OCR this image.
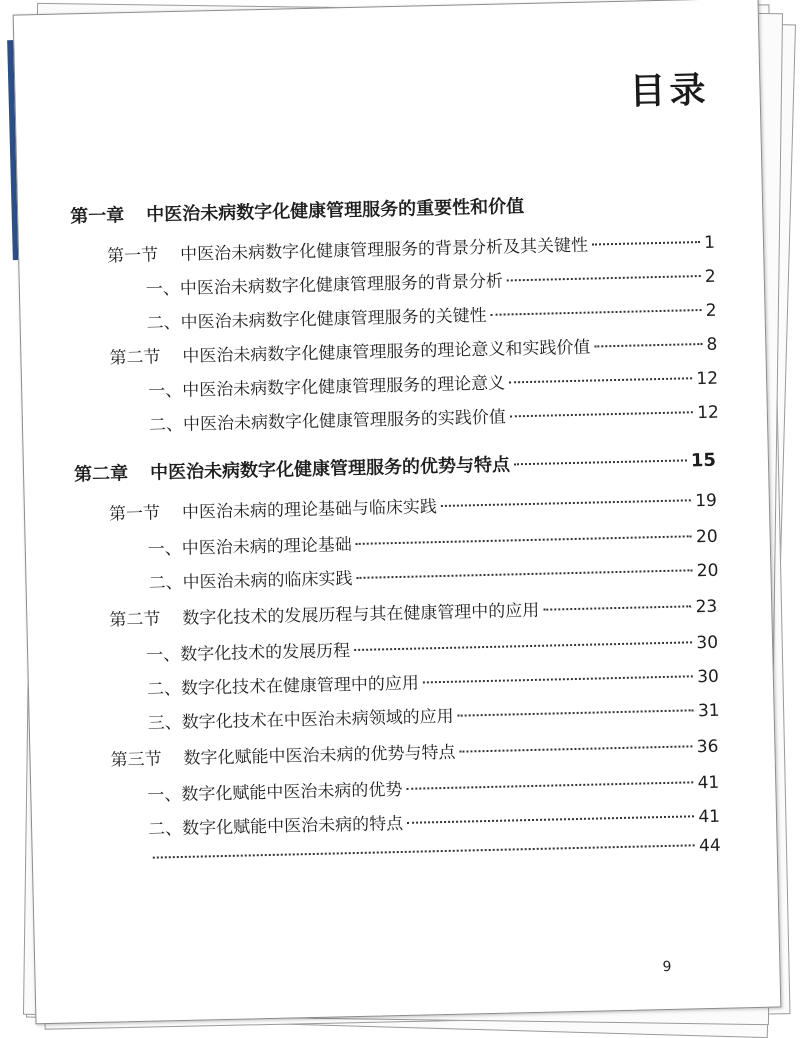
目录
第一章 中医治未病数字化健康管理服务的重要性和价值
第一节 中医治未病数字化健康管理服务的背景分析及其关键性	1
一、中医治未病数字化健康管理服务的背景分析	2
二、中医治未病数字化健康管理服务的关键性	2
第二节 中医治未病数字化健康管理服务的理论意义和实践价值	8
一、中医治未病数字化健康管理服务的理论意义	12
二、中医治未病数字化健康管理服务的实践价值	12
第二章 中医治未病数字化健康管理服务的优势与特点	15
第一节 中医治未病的理论基础与临床实践	19
一、中医治未病的理论基础	20
二、中医治未病的临床实践	20
第二节 数字化技术的发展历程与其在健康管理中的应用	23
一、数字化技术的发展历程	30
二、数字化技术在健康管理中的应用	30
三、数字化技术在中医治未病领域的应用	31
第三节 数字化赋能中医治未病的优势与特点	36
一、数字化赋能中医治未病的优势	41
二、数字化赋能中医治未病的特点	41
44
9
